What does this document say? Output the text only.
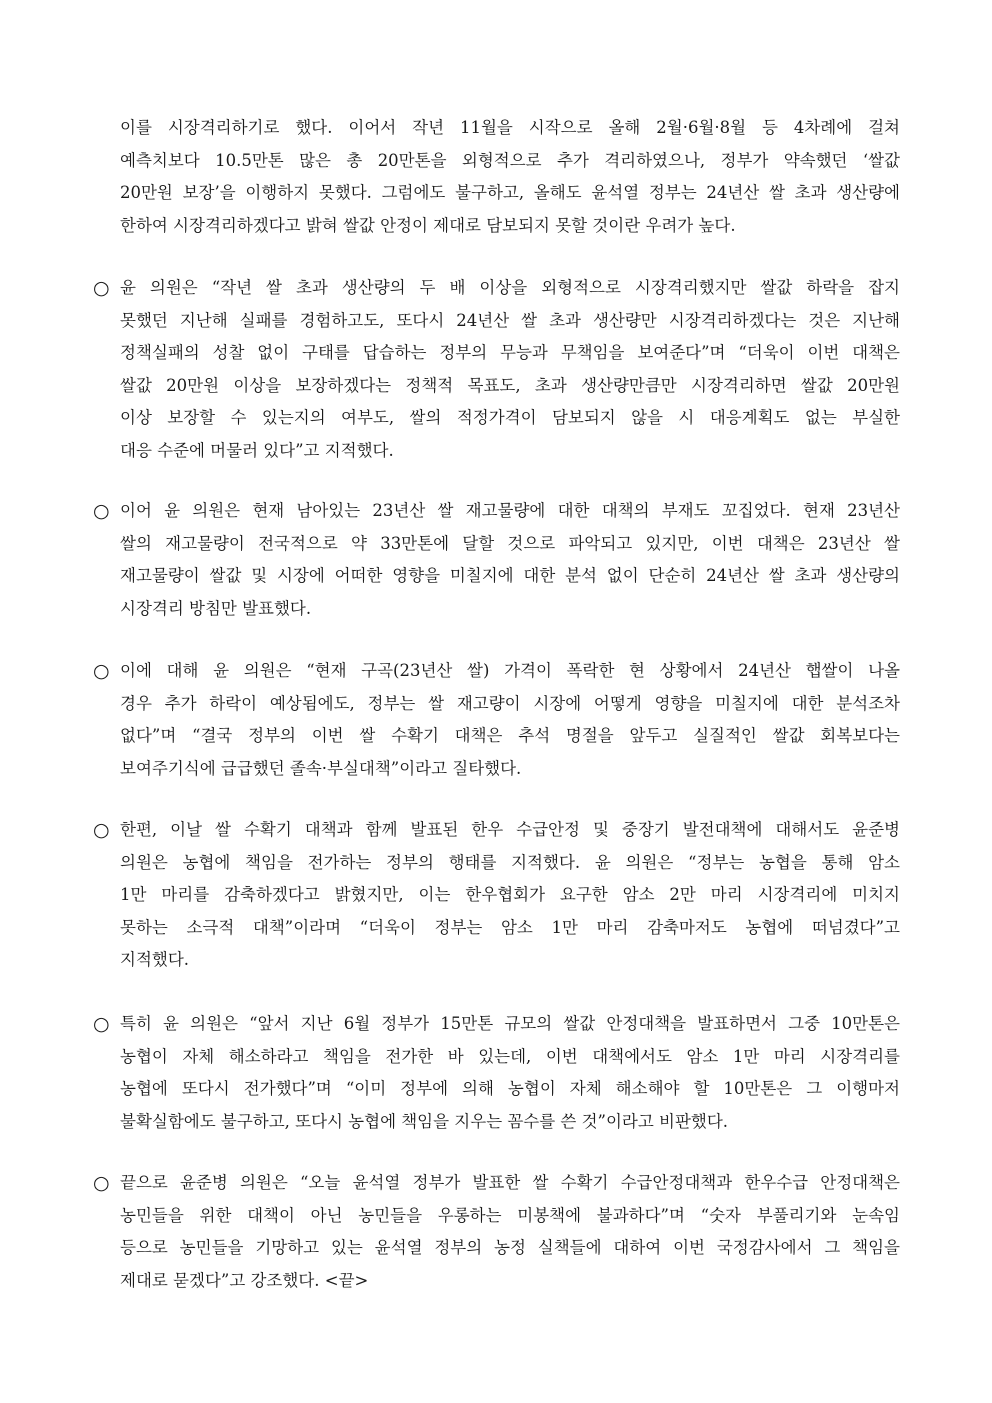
이를 시장격리하기로 했다. 이어서 작년 11월을 시작으로 올해 2월·6월·8월 등 4차례에 걸쳐
예측치보다 10.5만톤 많은 총 20만톤을 외형적으로 추가 격리하였으나, 정부가 약속했던 ‘쌀값
20만원 보장’을 이행하지 못했다. 그럼에도 불구하고, 올해도 윤석열 정부는 24년산 쌀 초과 생산량에
한하여 시장격리하겠다고 밝혀 쌀값 안정이 제대로 담보되지 못할 것이란 우려가 높다.
○ 윤 의원은 “작년 쌀 초과 생산량의 두 배 이상을 외형적으로 시장격리했지만 쌀값 하락을 잡지
못했던 지난해 실패를 경험하고도, 또다시 24년산 쌀 초과 생산량만 시장격리하겠다는 것은 지난해
정책실패의 성찰 없이 구태를 답습하는 정부의 무능과 무책임을 보여준다”며 “더욱이 이번 대책은
쌀값 20만원 이상을 보장하겠다는 정책적 목표도, 초과 생산량만큼만 시장격리하면 쌀값 20만원
이상 보장할 수 있는지의 여부도, 쌀의 적정가격이 담보되지 않을 시 대응계획도 없는 부실한
대응 수준에 머물러 있다”고 지적했다.
○ 이어 윤 의원은 현재 남아있는 23년산 쌀 재고물량에 대한 대책의 부재도 꼬집었다. 현재 23년산
쌀의 재고물량이 전국적으로 약 33만톤에 달할 것으로 파악되고 있지만, 이번 대책은 23년산 쌀
재고물량이 쌀값 및 시장에 어떠한 영향을 미칠지에 대한 분석 없이 단순히 24년산 쌀 초과 생산량의
시장격리 방침만 발표했다.
○ 이에 대해 윤 의원은 “현재 구곡(23년산 쌀) 가격이 폭락한 현 상황에서 24년산 햅쌀이 나올
경우 추가 하락이 예상됨에도, 정부는 쌀 재고량이 시장에 어떻게 영향을 미칠지에 대한 분석조차
없다”며 “결국 정부의 이번 쌀 수확기 대책은 추석 명절을 앞두고 실질적인 쌀값 회복보다는
보여주기식에 급급했던 졸속·부실대책”이라고 질타했다.
○ 한편, 이날 쌀 수확기 대책과 함께 발표된 한우 수급안정 및 중장기 발전대책에 대해서도 윤준병
의원은 농협에 책임을 전가하는 정부의 행태를 지적했다. 윤 의원은 “정부는 농협을 통해 암소
1만 마리를 감축하겠다고 밝혔지만, 이는 한우협회가 요구한 암소 2만 마리 시장격리에 미치지
못하는 소극적 대책”이라며 “더욱이 정부는 암소 1만 마리 감축마저도 농협에 떠넘겼다”고
지적했다.
○ 특히 윤 의원은 “앞서 지난 6월 정부가 15만톤 규모의 쌀값 안정대책을 발표하면서 그중 10만톤은
농협이 자체 해소하라고 책임을 전가한 바 있는데, 이번 대책에서도 암소 1만 마리 시장격리를
농협에 또다시 전가했다”며 “이미 정부에 의해 농협이 자체 해소해야 할 10만톤은 그 이행마저
불확실함에도 불구하고, 또다시 농협에 책임을 지우는 꼼수를 쓴 것”이라고 비판했다.
○ 끝으로 윤준병 의원은 “오늘 윤석열 정부가 발표한 쌀 수확기 수급안정대책과 한우수급 안정대책은
농민들을 위한 대책이 아닌 농민들을 우롱하는 미봉책에 불과하다”며 “숫자 부풀리기와 눈속임
등으로 농민들을 기망하고 있는 윤석열 정부의 농정 실책들에 대하여 이번 국정감사에서 그 책임을
제대로 묻겠다”고 강조했다. <끝>
